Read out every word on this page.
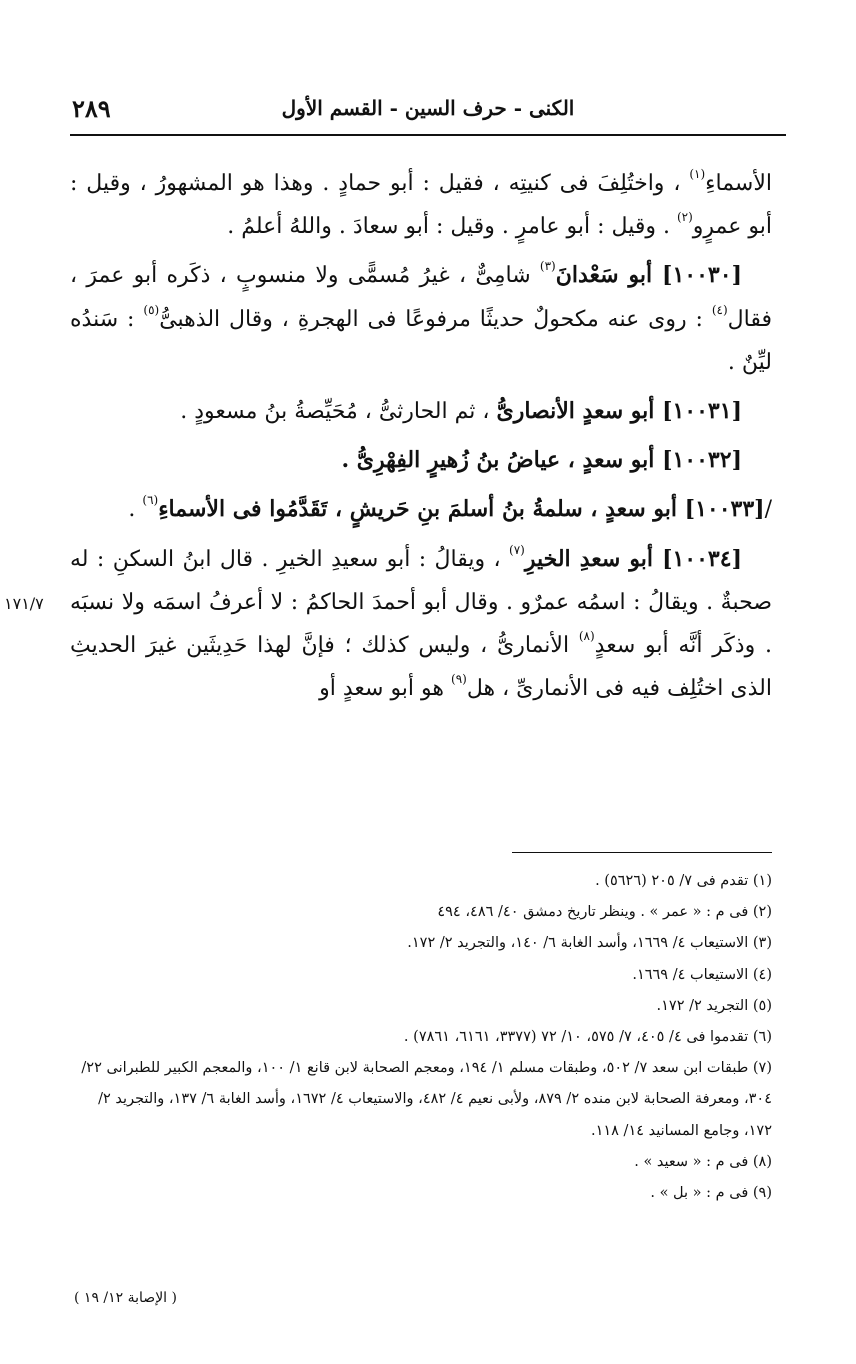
٢٨٩	الكنى - حرف السين - القسم الأول

الأسماءِ$^{(١)}$ ، واختُلِفَ فى كنيتِه ، فقيل : أبو حمادٍ . وهذا هو المشهورُ ، وقيل : أبو عمرٍو$^{(٢)}$ . وقيل : أبو عامرٍ . وقيل : أبو سعادَ . واللهُ أعلمُ .

[١٠٠٣٠] أبو سَعْدانَ$^{(٣)}$ شامِىٌّ ، غيرُ مُسمًّى ولا منسوبٍ ، ذكَره أبو عمرَ ، فقال$^{(٤)}$ : روى عنه مكحولٌ حديثًا مرفوعًا فى الهجرةِ ، وقال الذهبىُّ$^{(٥)}$ : سَندُه ليِّنٌ .

[١٠٠٣١] أبو سعدٍ الأنصارىُّ ، ثم الحارثىُّ ، مُحَيِّصةُ بنُ مسعودٍ .

[١٠٠٣٢] أبو سعدٍ ، عياضُ بنُ زُهيرٍ الفِهْرِىُّ .

/[١٠٠٣٣] أبو سعدٍ ، سلمةُ بنُ أسلمَ بنِ حَريشٍ ، تَقَدَّمُوا فى الأسماءِ$^{(٦)}$ .

[١٠٠٣٤] أبو سعدِ الخيرِ$^{(٧)}$ ، ويقالُ : أبو سعيدِ الخيرِ . قال ابنُ السكنِ : له صحبةٌ . ويقالُ : اسمُه عمرٌو . وقال أبو أحمدَ الحاكمُ : لا أعرفُ اسمَه ولا نسبَه . وذكَر أنَّه أبو سعدٍ$^{(٨)}$ الأنمارىُّ ، وليس كذلك ؛ فإنَّ لهذا حَدِيثَين غيرَ الحديثِ الذى اختُلِف فيه فى الأنمارىِّ ، هل$^{(٩)}$ هو أبو سعدٍ أو

١٧١/٧
(١) تقدم فى ٧/ ٢٠٥ (٥٦٢٦) .
(٢) فى م : « عمر » . وينظر تاريخ دمشق ٤٠/ ٤٨٦، ٤٩٤
(٣) الاستيعاب ٤/ ١٦٦٩، وأسد الغابة ٦/ ١٤٠، والتجريد ٢/ ١٧٢.
(٤) الاستيعاب ٤/ ١٦٦٩.
(٥) التجريد ٢/ ١٧٢.
(٦) تقدموا فى ٤/ ٤٠٥، ٧/ ٥٧٥، ١٠/ ٧٢ (٣٣٧٧، ٦١٦١، ٧٨٦١) .
(٧) طبقات ابن سعد ٧/ ٥٠٢، وطبقات مسلم ١/ ١٩٤، ومعجم الصحابة لابن قانع ١/ ١٠٠، والمعجم الكبير للطبرانى ٢٢/ ٣٠٤، ومعرفة الصحابة لابن منده ٢/ ٨٧٩، ولأبى نعيم ٤/ ٤٨٢، والاستيعاب ٤/ ١٦٧٢، وأسد الغابة ٦/ ١٣٧، والتجريد ٢/ ١٧٢، وجامع المسانيد ١٤/ ١١٨.
(٨) فى م : « سعيد » .
(٩) فى م : « بل » .
( الإصابة ١٢/ ١٩ )
